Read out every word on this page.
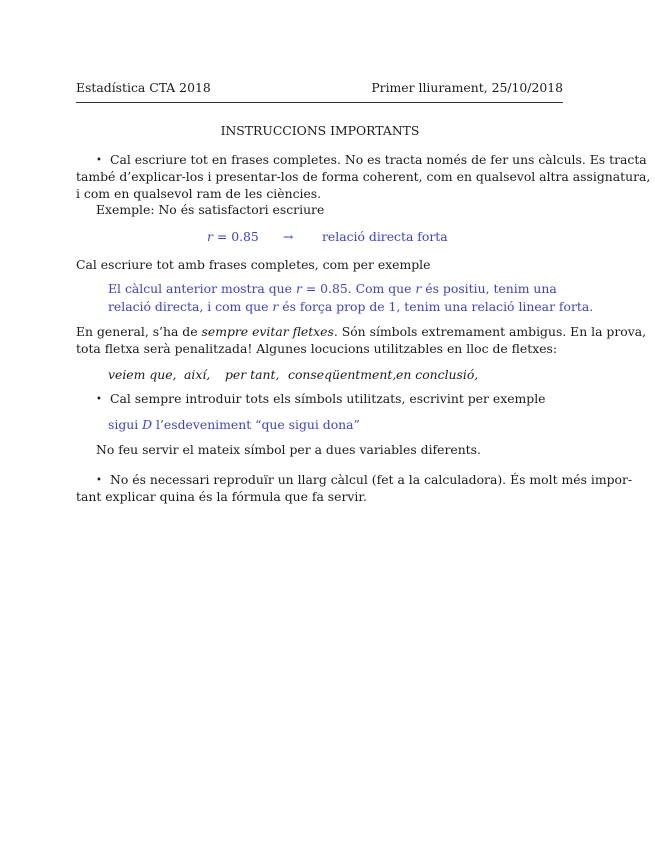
Estadística CTA 2018	Primer lliurament, 25/10/2018
INSTRUCCIONS IMPORTANTS
• Cal escriure tot en frases completes. No es tracta només de fer uns càlculs. Es tracta
també d’explicar-los i presentar-los de forma coherent, com en qualsevol altra assignatura,
i com en qualsevol ram de les ciències.
Exemple: No és satisfactori escriure
r = 0.85 → relació directa forta
Cal escriure tot amb frases completes, com per exemple
El càlcul anterior mostra que r = 0.85. Com que r és positiu, tenim una
relació directa, i com que r és força prop de 1, tenim una relació linear forta.
En general, s’ha de sempre evitar fletxes. Són símbols extremament ambigus. En la prova,
tota fletxa serà penalitzada! Algunes locucions utilitzables en lloc de fletxes:
veiem que, així, per tant, conseqüentment, en conclusió,
• Cal sempre introduir tots els símbols utilitzats, escrivint per exemple
sigui D l’esdeveniment “que sigui dona”
No feu servir el mateix símbol per a dues variables diferents.
• No és necessari reproduïr un llarg càlcul (fet a la calculadora). És molt més impor-
tant explicar quina és la fórmula que fa servir.
